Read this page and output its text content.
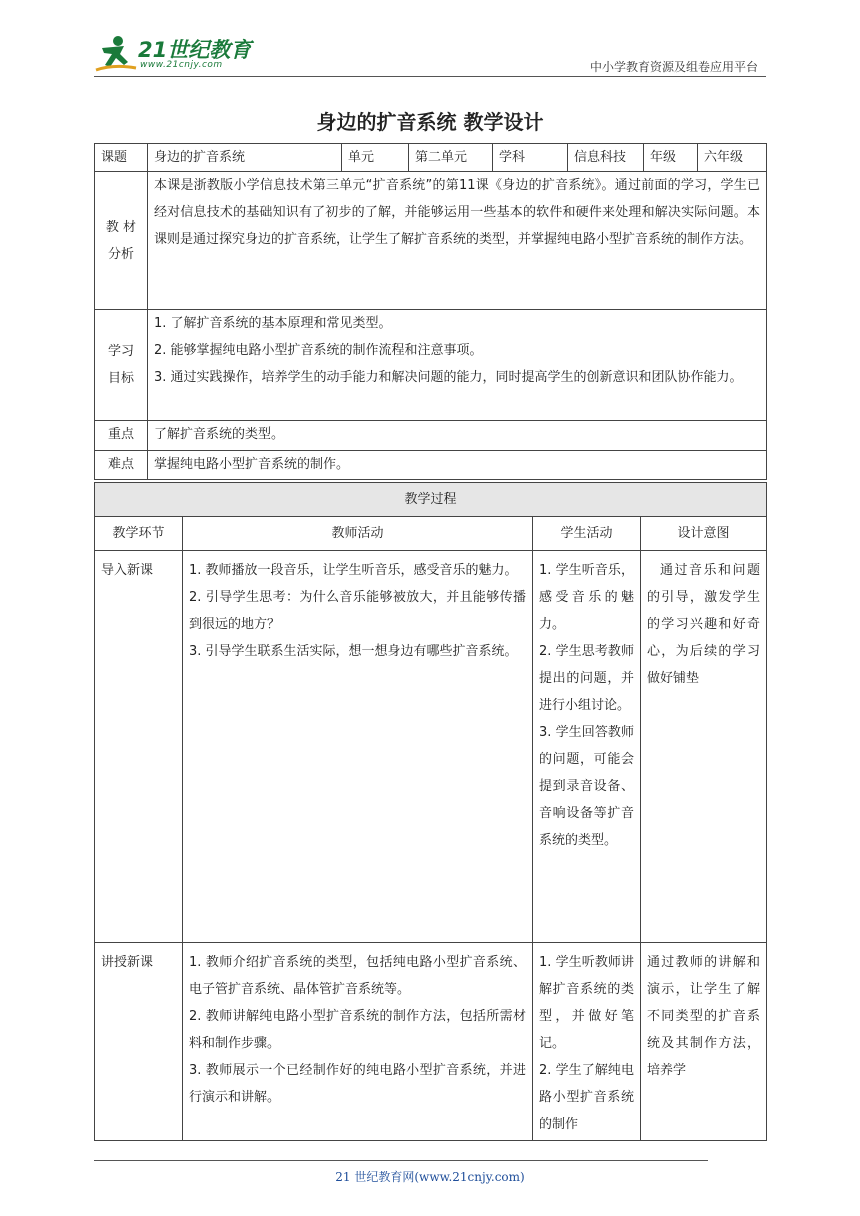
21世纪教育
www.21cnjy.com	中小学教育资源及组卷应用平台
身边的扩音系统 教学设计
课题	身边的扩音系统	单元	第二单元	学科	信息科技	年级	六年级

教 材
分析	本课是浙教版小学信息技术第三单元“扩音系统”的第11课《身边的扩音系统》。通过前面的学习，学生已经对信息技术的基础知识有了初步的了解，并能够运用一些基本的软件和硬件来处理和解决实际问题。本课则是通过探究身边的扩音系统，让学生了解扩音系统的类型，并掌握纯电路小型扩音系统的制作方法。						

学习
目标	1. 了解扩音系统的基本原理和常见类型。
2. 能够掌握纯电路小型扩音系统的制作流程和注意事项。
3. 通过实践操作，培养学生的动手能力和解决问题的能力，同时提高学生的创新意识和团队协作能力。						

重点	了解扩音系统的类型。						
难点	掌握纯电路小型扩音系统的制作。						
教学过程			
教学环节	教师活动	学生活动	设计意图
导入新课	1. 教师播放一段音乐，让学生听音乐，感受音乐的魅力。
2. 引导学生思考：为什么音乐能够被放大，并且能够传播到很远的地方？
3. 引导学生联系生活实际，想一想身边有哪些扩音系统。	1. 学生听音乐，感受音乐的魅力。
2. 学生思考教师提出的问题，并进行小组讨论。
3. 学生回答教师的问题，可能会提到录音设备、音响设备等扩音系统的类型。	通过音乐和问题的引导，激发学生的学习兴趣和好奇心，为后续的学习做好铺垫
讲授新课	1. 教师介绍扩音系统的类型，包括纯电路小型扩音系统、电子管扩音系统、晶体管扩音系统等。
2. 教师讲解纯电路小型扩音系统的制作方法，包括所需材料和制作步骤。
3. 教师展示一个已经制作好的纯电路小型扩音系统，并进行演示和讲解。	1. 学生听教师讲解扩音系统的类型，并做好笔记。
2. 学生了解纯电路小型扩音系统的制作	通过教师的讲解和演示，让学生了解不同类型的扩音系统及其制作方法，培养学
21 世纪教育网(www.21cnjy.com)
